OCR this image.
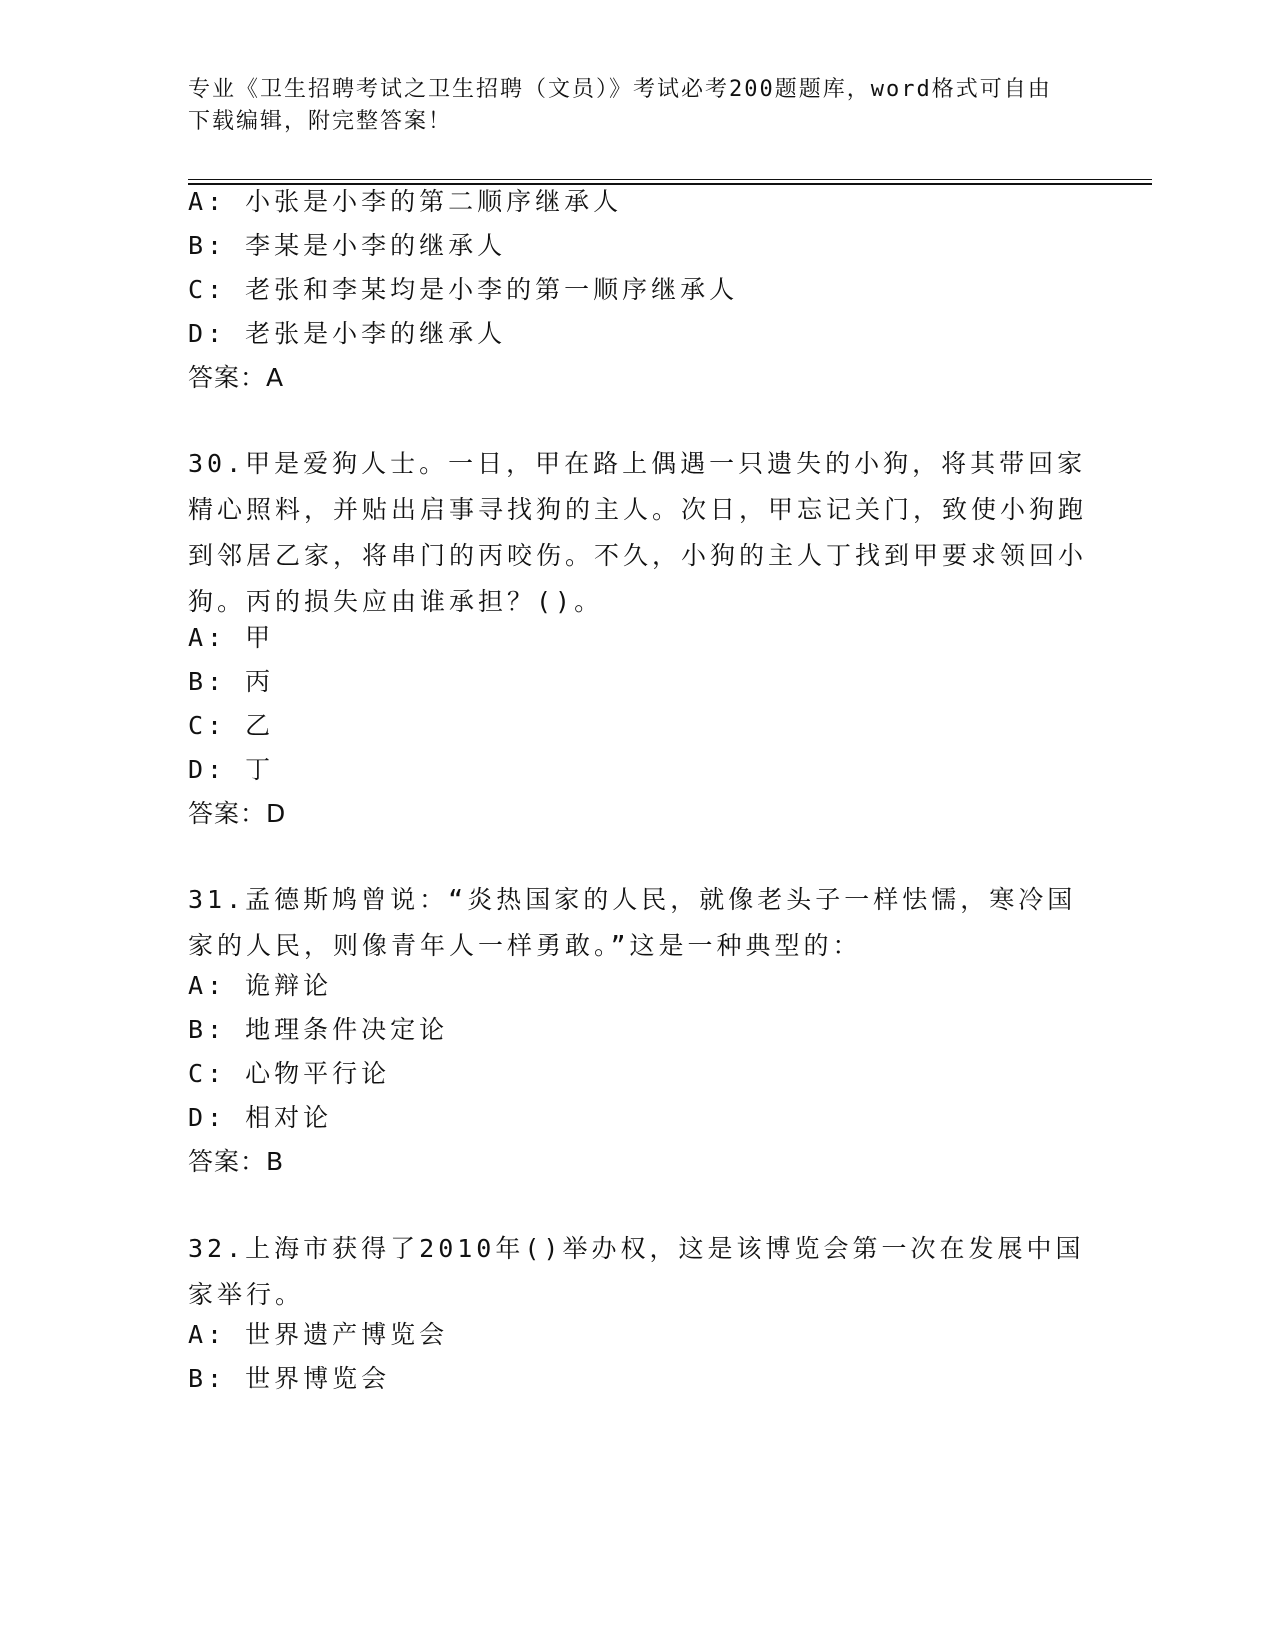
专业《卫生招聘考试之卫生招聘（文员）》考试必考200题题库，word格式可自由下载编辑，附完整答案！
A: 小张是小李的第二顺序继承人
B: 李某是小李的继承人
C: 老张和李某均是小李的第一顺序继承人
D: 老张是小李的继承人
答案：A
30.甲是爱狗人士。一日，甲在路上偶遇一只遗失的小狗，将其带回家精心照料，并贴出启事寻找狗的主人。次日，甲忘记关门，致使小狗跑到邻居乙家，将串门的丙咬伤。不久，小狗的主人丁找到甲要求领回小狗。丙的损失应由谁承担？()。
A: 甲
B: 丙
C: 乙
D: 丁
答案：D
31.孟德斯鸠曾说：“炎热国家的人民，就像老头子一样怯懦，寒冷国家的人民，则像青年人一样勇敢。”这是一种典型的：
A: 诡辩论
B: 地理条件决定论
C: 心物平行论
D: 相对论
答案：B
32.上海市获得了2010年()举办权，这是该博览会第一次在发展中国家举行。
A: 世界遗产博览会
B: 世界博览会
